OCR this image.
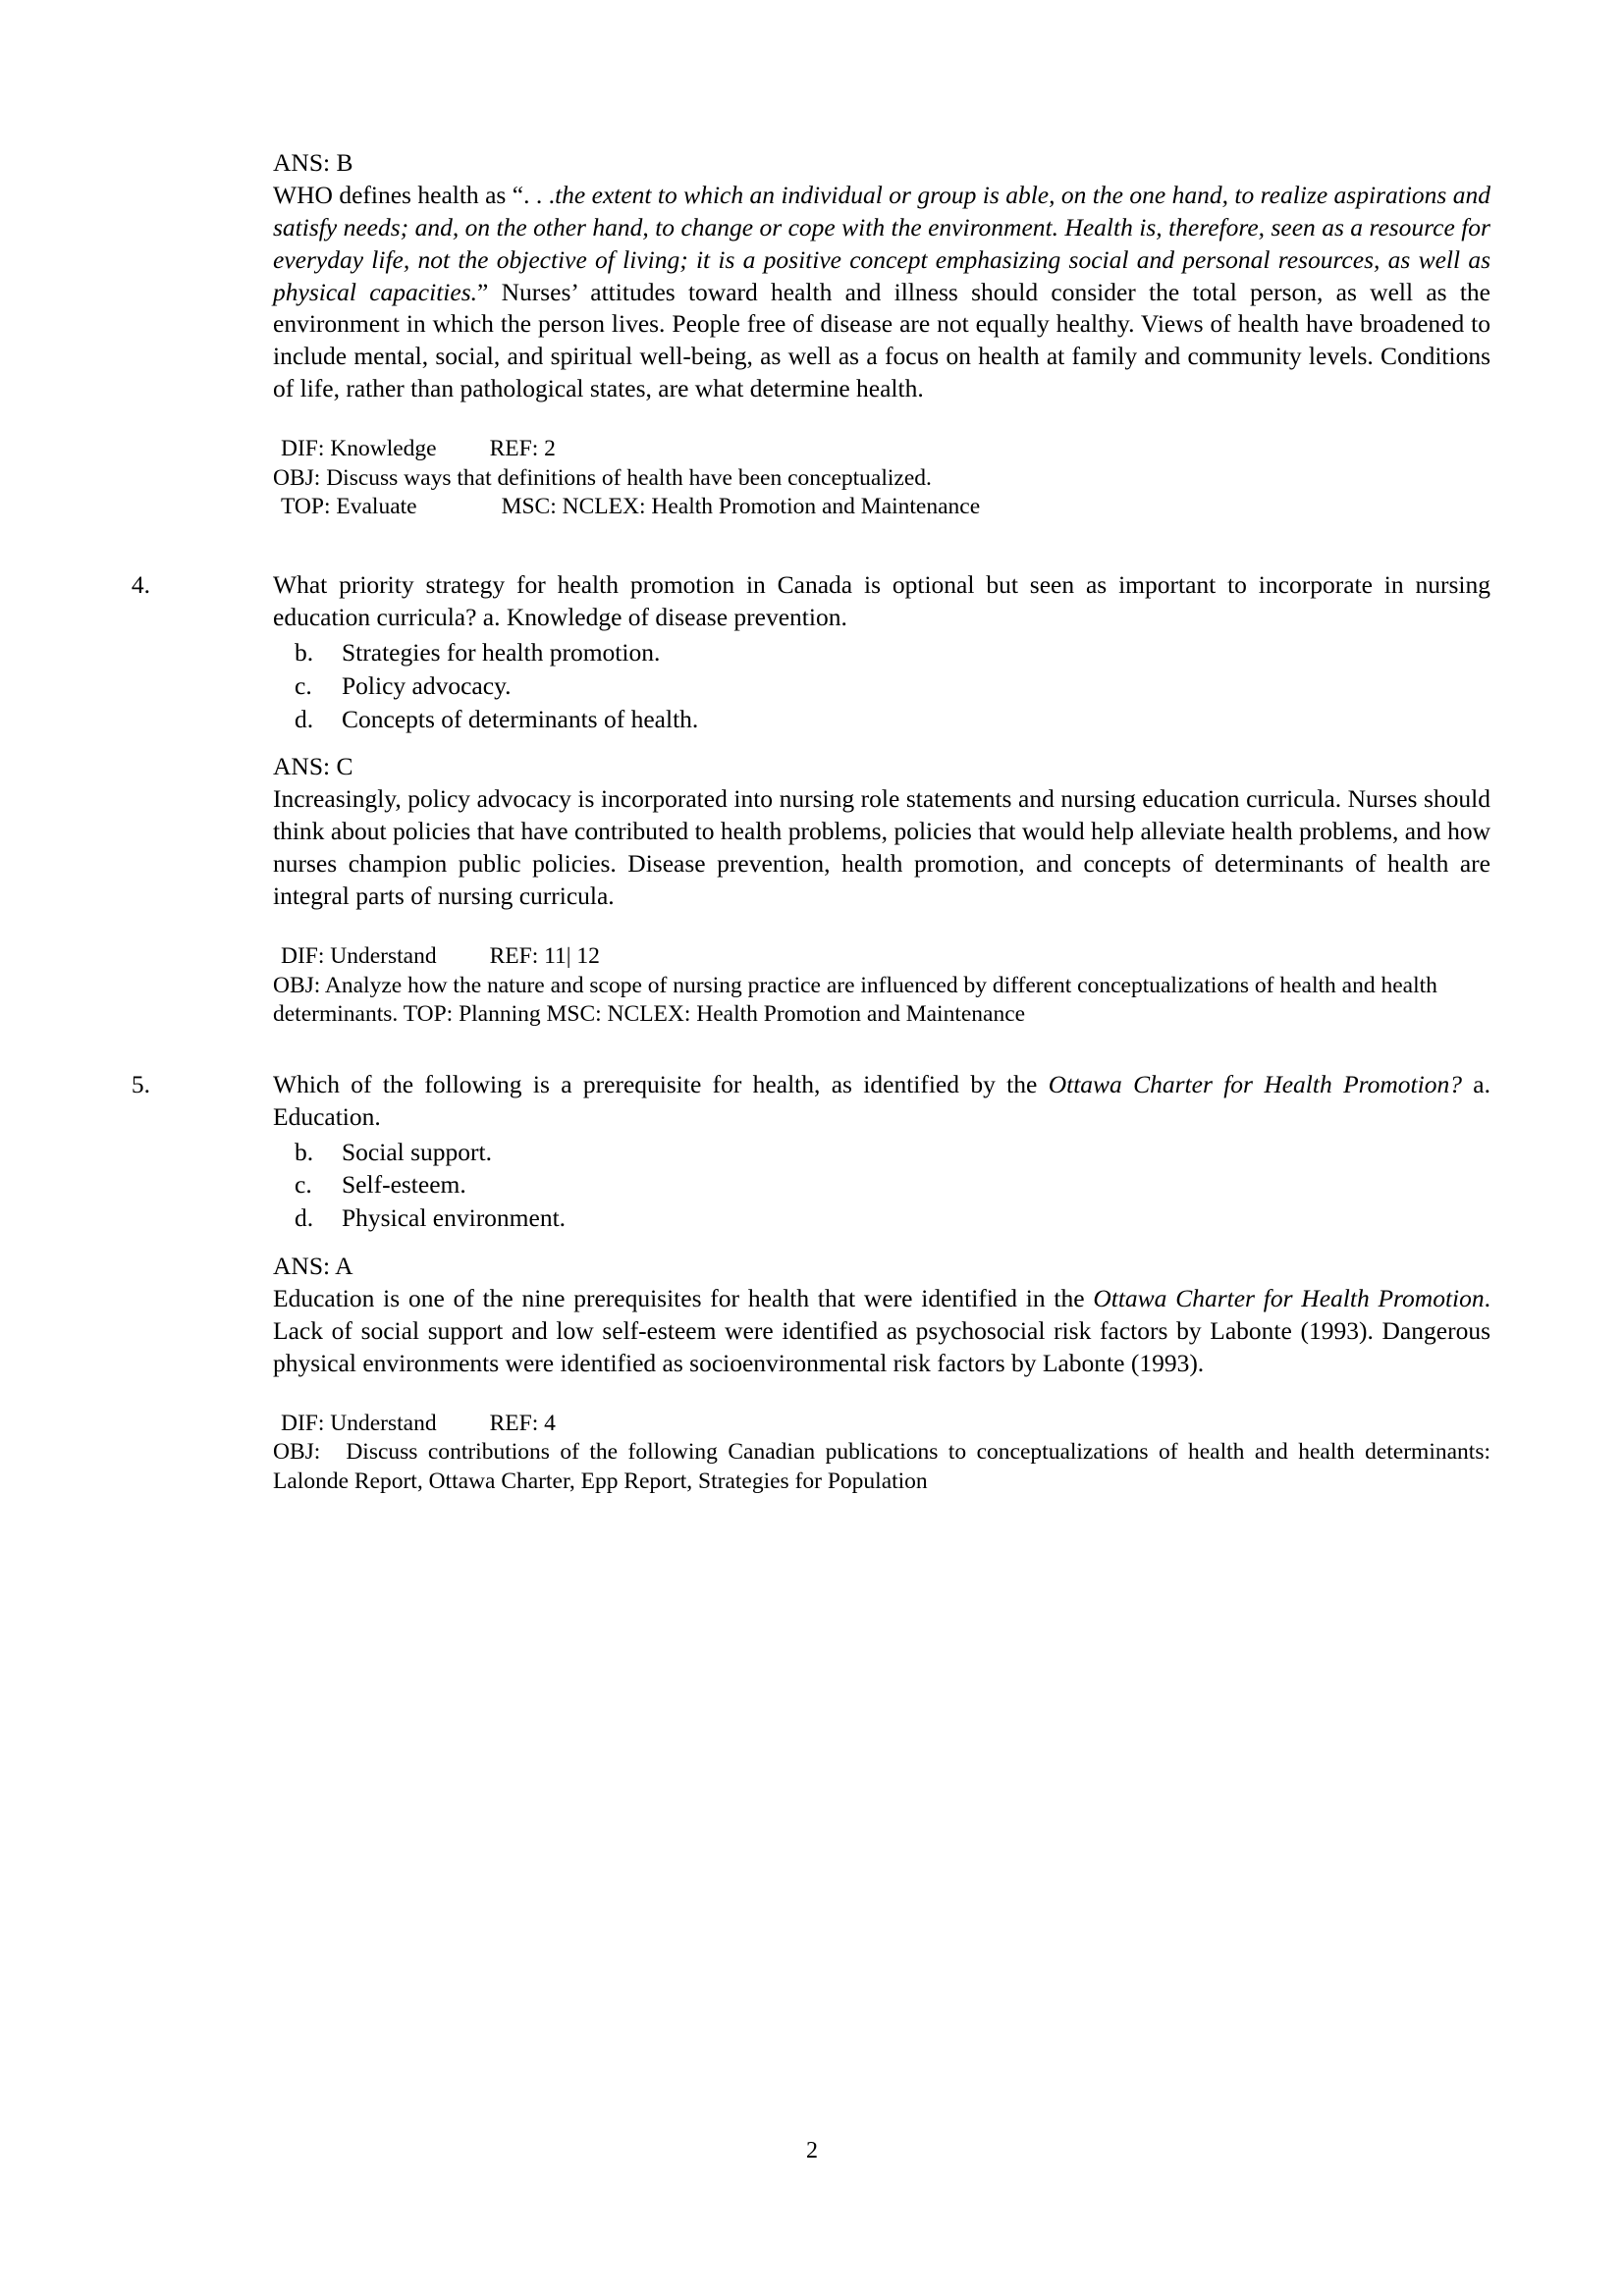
ANS: B

WHO defines health as “. . .the extent to which an individual or group is able, on the one hand, to realize aspirations and satisfy needs; and, on the other hand, to change or cope with the environment. Health is, therefore, seen as a resource for everyday life, not the objective of living; it is a positive concept emphasizing social and personal resources, as well as physical capacities.” Nurses’ attitudes toward health and illness should consider the total person, as well as the environment in which the person lives. People free of disease are not equally healthy. Views of health have broadened to include mental, social, and spiritual well-being, as well as a focus on health at family and community levels. Conditions of life, rather than pathological states, are what determine health.

DIF: Knowledge REF: 2

OBJ: Discuss ways that definitions of health have been conceptualized.

TOP: Evaluate	MSC: NCLEX: Health Promotion and Maintenance

4.	What priority strategy for health promotion in Canada is optional but seen as important to incorporate in nursing education curricula? a. Knowledge of disease prevention.

b.	Strategies for health promotion.
c.	Policy advocacy.
d.	Concepts of determinants of health.

ANS: C

Increasingly, policy advocacy is incorporated into nursing role statements and nursing education curricula. Nurses should think about policies that have contributed to health problems, policies that would help alleviate health problems, and how nurses champion public policies. Disease prevention, health promotion, and concepts of determinants of health are integral parts of nursing curricula.

DIF: Understand REF: 11| 12

OBJ: Analyze how the nature and scope of nursing practice are influenced by different conceptualizations of health and health determinants. TOP: Planning MSC: NCLEX: Health Promotion and Maintenance

5.	Which of the following is a prerequisite for health, as identified by the Ottawa Charter for Health Promotion? a. Education.

b.	Social support.
c.	Self-esteem.
d.	Physical environment.

ANS: A

Education is one of the nine prerequisites for health that were identified in the Ottawa Charter for Health Promotion. Lack of social support and low self-esteem were identified as psychosocial risk factors by Labonte (1993). Dangerous physical environments were identified as socioenvironmental risk factors by Labonte (1993).

DIF: Understand REF: 4

OBJ: Discuss contributions of the following Canadian publications to conceptualizations of health and health determinants: Lalonde Report, Ottawa Charter, Epp Report, Strategies for Population

2
